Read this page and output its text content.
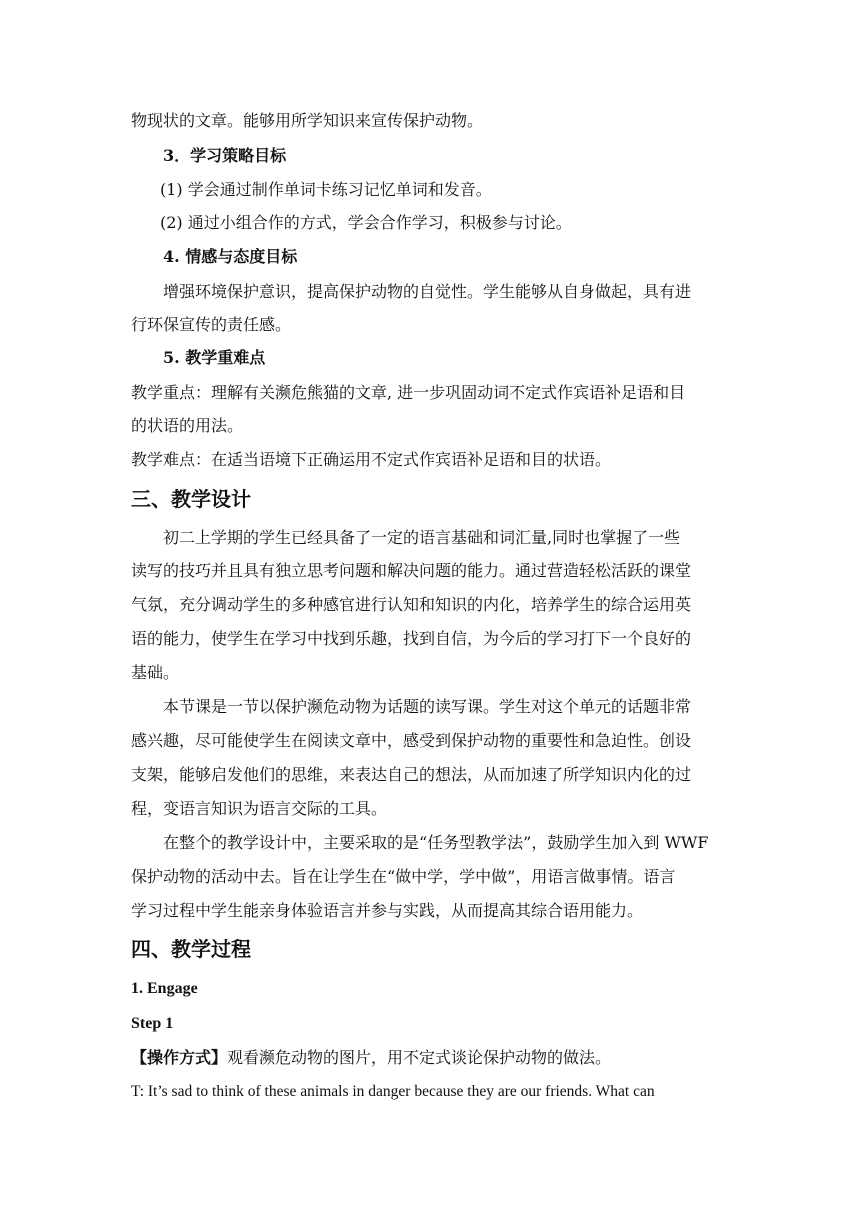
物现状的文章。能够用所学知识来宣传保护动物。
3．学习策略目标
(1) 学会通过制作单词卡练习记忆单词和发音。
(2) 通过小组合作的方式，学会合作学习，积极参与讨论。
4. 情感与态度目标
增强环境保护意识，提高保护动物的自觉性。学生能够从自身做起，具有进
行环保宣传的责任感。
5. 教学重难点
教学重点：理解有关濒危熊猫的文章, 进一步巩固动词不定式作宾语补足语和目
的状语的用法。
教学难点：在适当语境下正确运用不定式作宾语补足语和目的状语。
三、教学设计
初二上学期的学生已经具备了一定的语言基础和词汇量,同时也掌握了一些
读写的技巧并且具有独立思考问题和解决问题的能力。通过营造轻松活跃的课堂
气氛，充分调动学生的多种感官进行认知和知识的内化，培养学生的综合运用英
语的能力，使学生在学习中找到乐趣，找到自信，为今后的学习打下一个良好的
基础。
本节课是一节以保护濒危动物为话题的读写课。学生对这个单元的话题非常
感兴趣，尽可能使学生在阅读文章中，感受到保护动物的重要性和急迫性。创设
支架，能够启发他们的思维，来表达自己的想法，从而加速了所学知识内化的过
程，变语言知识为语言交际的工具。
在整个的教学设计中，主要采取的是“任务型教学法”，鼓励学生加入到 WWF
保护动物的活动中去。旨在让学生在“做中学，学中做”，用语言做事情。语言
学习过程中学生能亲身体验语言并参与实践，从而提高其综合语用能力。
四、教学过程
1. Engage
Step 1
【操作方式】观看濒危动物的图片，用不定式谈论保护动物的做法。
T: It’s sad to think of these animals in danger because they are our friends. What can
